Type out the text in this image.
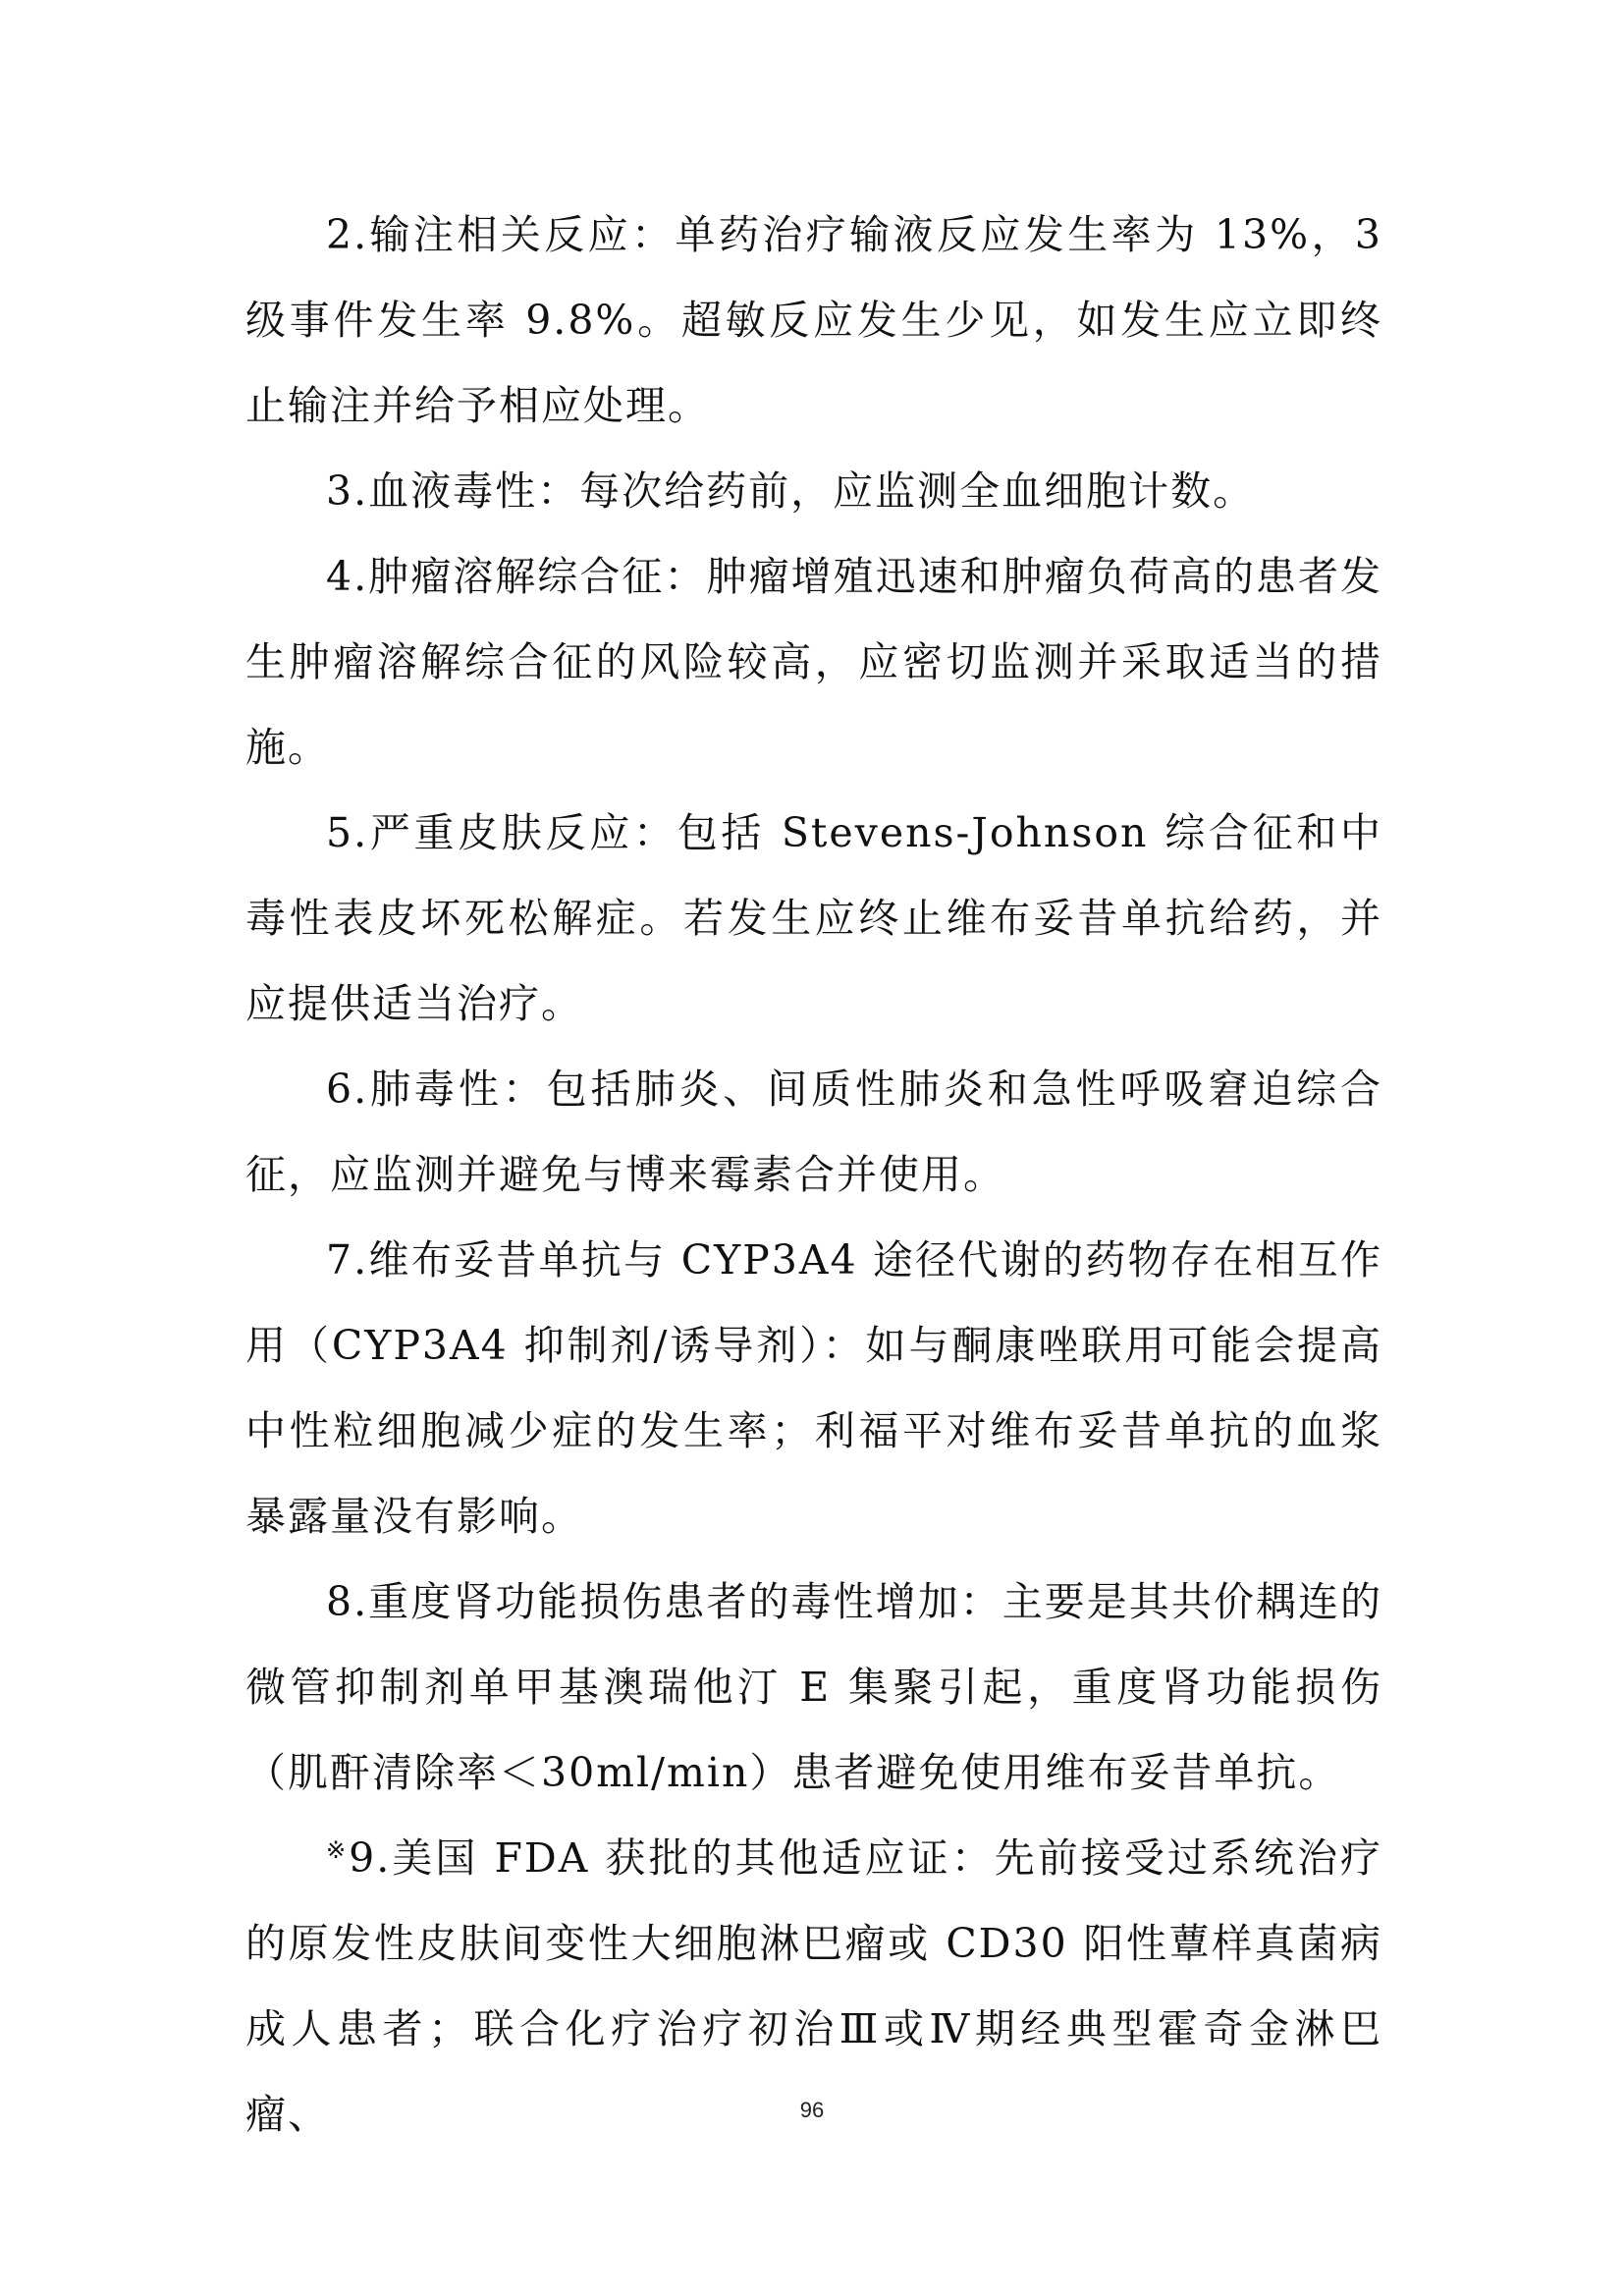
2.输注相关反应：单药治疗输液反应发生率为 13%，3 级事件发生率 9.8%。超敏反应发生少见，如发生应立即终止输注并给予相应处理。

3.血液毒性：每次给药前，应监测全血细胞计数。

4.肿瘤溶解综合征：肿瘤增殖迅速和肿瘤负荷高的患者发生肿瘤溶解综合征的风险较高，应密切监测并采取适当的措施。

5.严重皮肤反应：包括 Stevens-Johnson 综合征和中毒性表皮坏死松解症。若发生应终止维布妥昔单抗给药，并应提供适当治疗。

6.肺毒性：包括肺炎、间质性肺炎和急性呼吸窘迫综合征，应监测并避免与博来霉素合并使用。

7.维布妥昔单抗与 CYP3A4 途径代谢的药物存在相互作用（CYP3A4 抑制剂/诱导剂）：如与酮康唑联用可能会提高中性粒细胞减少症的发生率；利福平对维布妥昔单抗的血浆暴露量没有影响。

8.重度肾功能损伤患者的毒性增加：主要是其共价耦连的微管抑制剂单甲基澳瑞他汀 E 集聚引起，重度肾功能损伤（肌酐清除率＜30ml/min）患者避免使用维布妥昔单抗。

※9.美国 FDA 获批的其他适应证：先前接受过系统治疗的原发性皮肤间变性大细胞淋巴瘤或 CD30 阳性蕈样真菌病成人患者；联合化疗治疗初治Ⅲ或Ⅳ期经典型霍奇金淋巴瘤、	96
